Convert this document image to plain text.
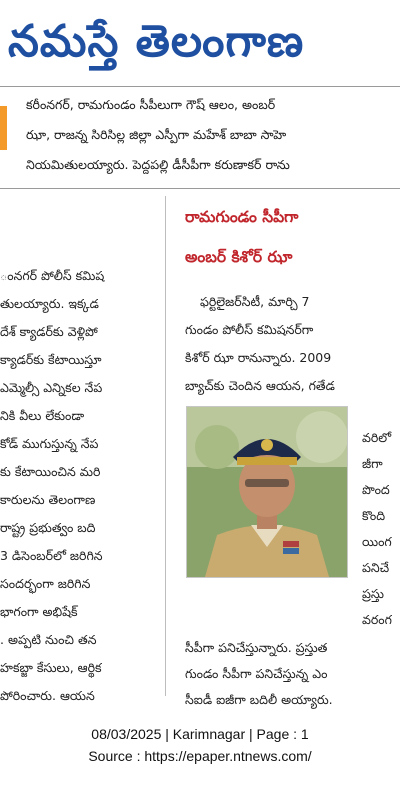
నమస్తే తెలంగాణ
కరీంనగర్, రామగుండం సీపీలుగా గౌష్ ఆలం, అంబర్
ఝా, రాజన్న సిరిసిల్ల జిల్లా ఎస్పీగా మహేశ్ బాబా సాహె
నియమితులయ్యారు. పెద్దపల్లి డీసీపీగా కరుణాకర్ రాను
రామగుండం సీపీగా
అంబర్ కిశోర్ ఝా
ంనగర్ పోలీస్ కమిష
తులయ్యారు. ఇక్కడ
దేశ్ క్యాడర్‌కు వెళ్లిపో
క్యాడర్‌కు కేటాయిస్తూ
ఎమ్మెల్సీ ఎన్నికల నేప
నికి వీలు లేకుండా
కోడ్ ముగుస్తున్న నేప
కు కేటాయించిన మరి
కారులను తెలంగాణ
రాష్ట్ర ప్రభుత్వం బది
3 డిసెంబర్‌లో జరిగిన
సందర్భంగా జరిగిన
భాగంగా అభిషేక్
. అప్పటి నుంచి తన
హకబ్జా కేసులు, ఆర్థిక
పోరించారు. ఆయన
ఫర్టిలైజర్‌సిటీ, మార్చి 7
గుండం పోలీస్ కమిషనర్‌గా
కిశోర్ ఝా రానున్నారు. 2009
బ్యాచ్‌కు చెందిన ఆయన, గతేడ
వరిలో
జీగా
పొంద
కొంది
యింగ
పనిచే
ప్రస్తు
వరంగ
సీపీగా పనిచేస్తున్నారు. ప్రస్తుత
గుండం సీపీగా పనిచేస్తున్న ఎం
సీఐడీ ఐజీగా బదిలీ అయ్యారు.
08/03/2025 | Karimnagar | Page : 1
Source : https://epaper.ntnews.com/
